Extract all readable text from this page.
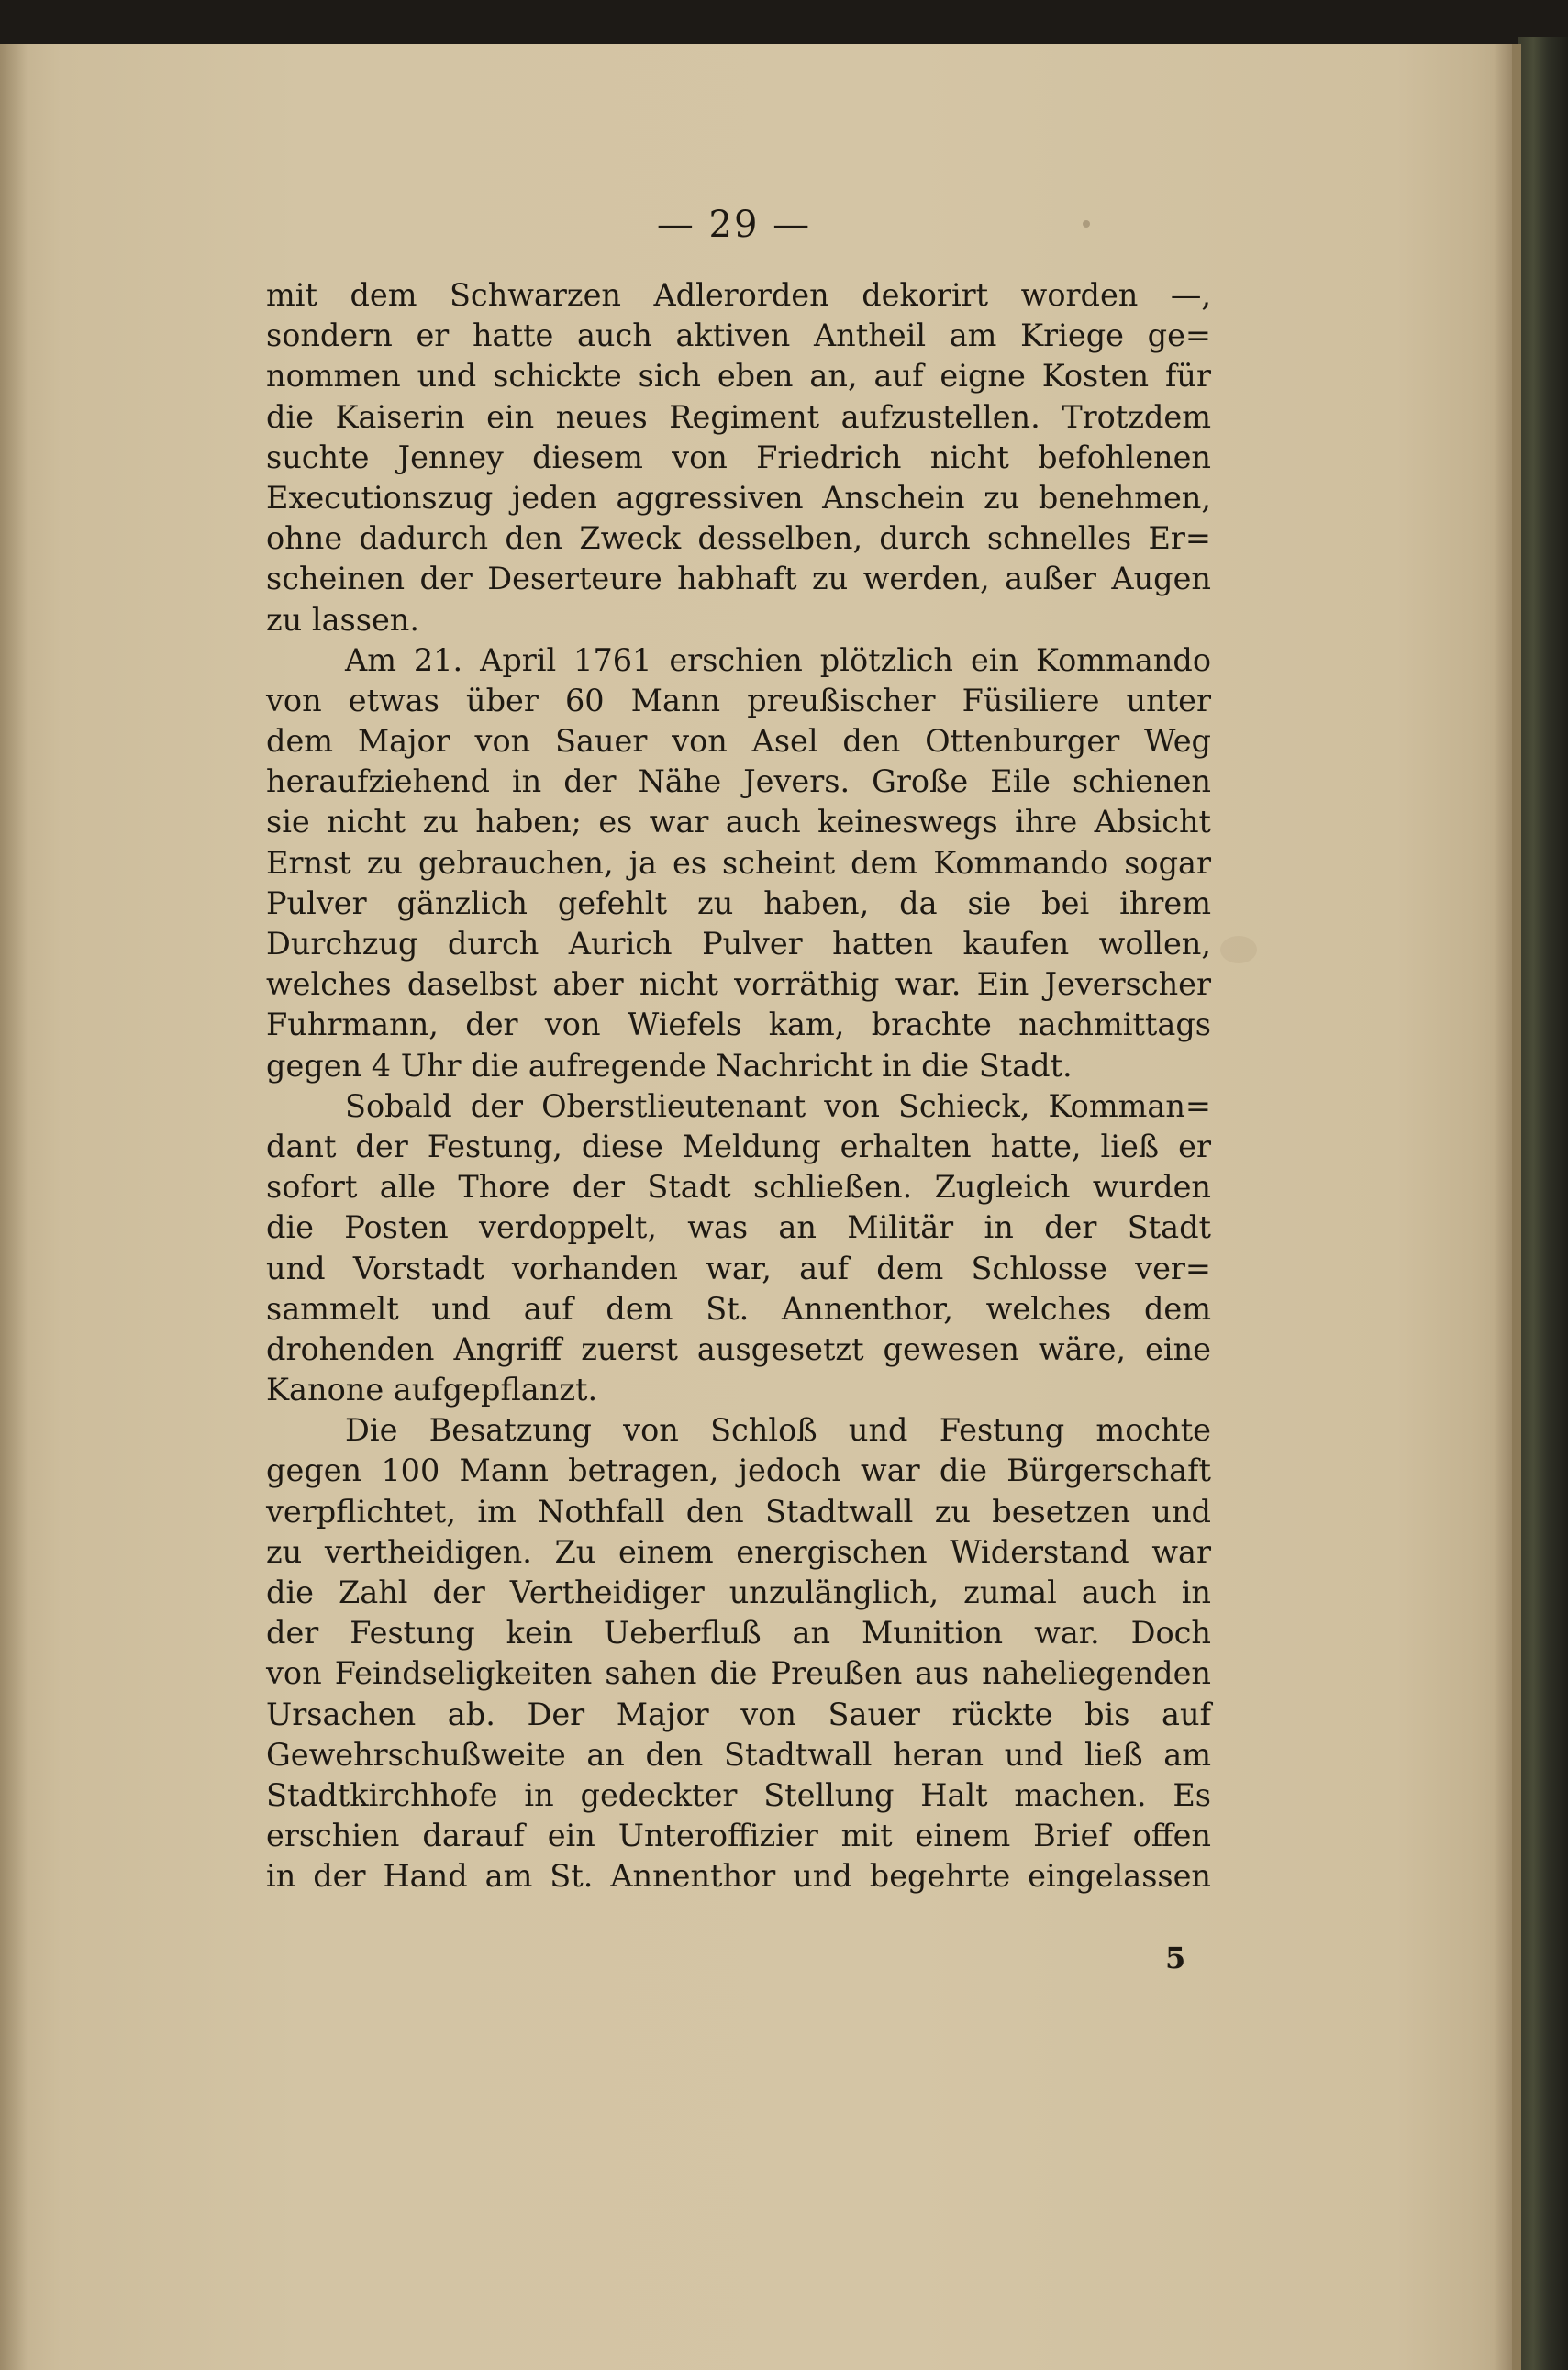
— 29 —
mit dem Schwarzen Adlerorden dekorirt worden —,
sondern er hatte auch aktiven Antheil am Kriege ge=
nommen und schickte sich eben an, auf eigne Kosten für
die Kaiserin ein neues Regiment aufzustellen. Trotzdem
suchte Jenney diesem von Friedrich nicht befohlenen
Executionszug jeden aggressiven Anschein zu benehmen,
ohne dadurch den Zweck desselben, durch schnelles Er=
scheinen der Deserteure habhaft zu werden, außer Augen
zu lassen.
Am 21. April 1761 erschien plötzlich ein Kommando
von etwas über 60 Mann preußischer Füsiliere unter
dem Major von Sauer von Asel den Ottenburger Weg
heraufziehend in der Nähe Jevers. Große Eile schienen
sie nicht zu haben; es war auch keineswegs ihre Absicht
Ernst zu gebrauchen, ja es scheint dem Kommando sogar
Pulver gänzlich gefehlt zu haben, da sie bei ihrem
Durchzug durch Aurich Pulver hatten kaufen wollen,
welches daselbst aber nicht vorräthig war. Ein Jeverscher
Fuhrmann, der von Wiefels kam, brachte nachmittags
gegen 4 Uhr die aufregende Nachricht in die Stadt.
Sobald der Oberstlieutenant von Schieck, Komman=
dant der Festung, diese Meldung erhalten hatte, ließ er
sofort alle Thore der Stadt schließen. Zugleich wurden
die Posten verdoppelt, was an Militär in der Stadt
und Vorstadt vorhanden war, auf dem Schlosse ver=
sammelt und auf dem St. Annenthor, welches dem
drohenden Angriff zuerst ausgesetzt gewesen wäre, eine
Kanone aufgepflanzt.
Die Besatzung von Schloß und Festung mochte
gegen 100 Mann betragen, jedoch war die Bürgerschaft
verpflichtet, im Nothfall den Stadtwall zu besetzen und
zu vertheidigen. Zu einem energischen Widerstand war
die Zahl der Vertheidiger unzulänglich, zumal auch in
der Festung kein Ueberfluß an Munition war. Doch
von Feindseligkeiten sahen die Preußen aus naheliegenden
Ursachen ab. Der Major von Sauer rückte bis auf
Gewehrschußweite an den Stadtwall heran und ließ am
Stadtkirchhofe in gedeckter Stellung Halt machen. Es
erschien darauf ein Unteroffizier mit einem Brief offen
in der Hand am St. Annenthor und begehrte eingelassen
5
